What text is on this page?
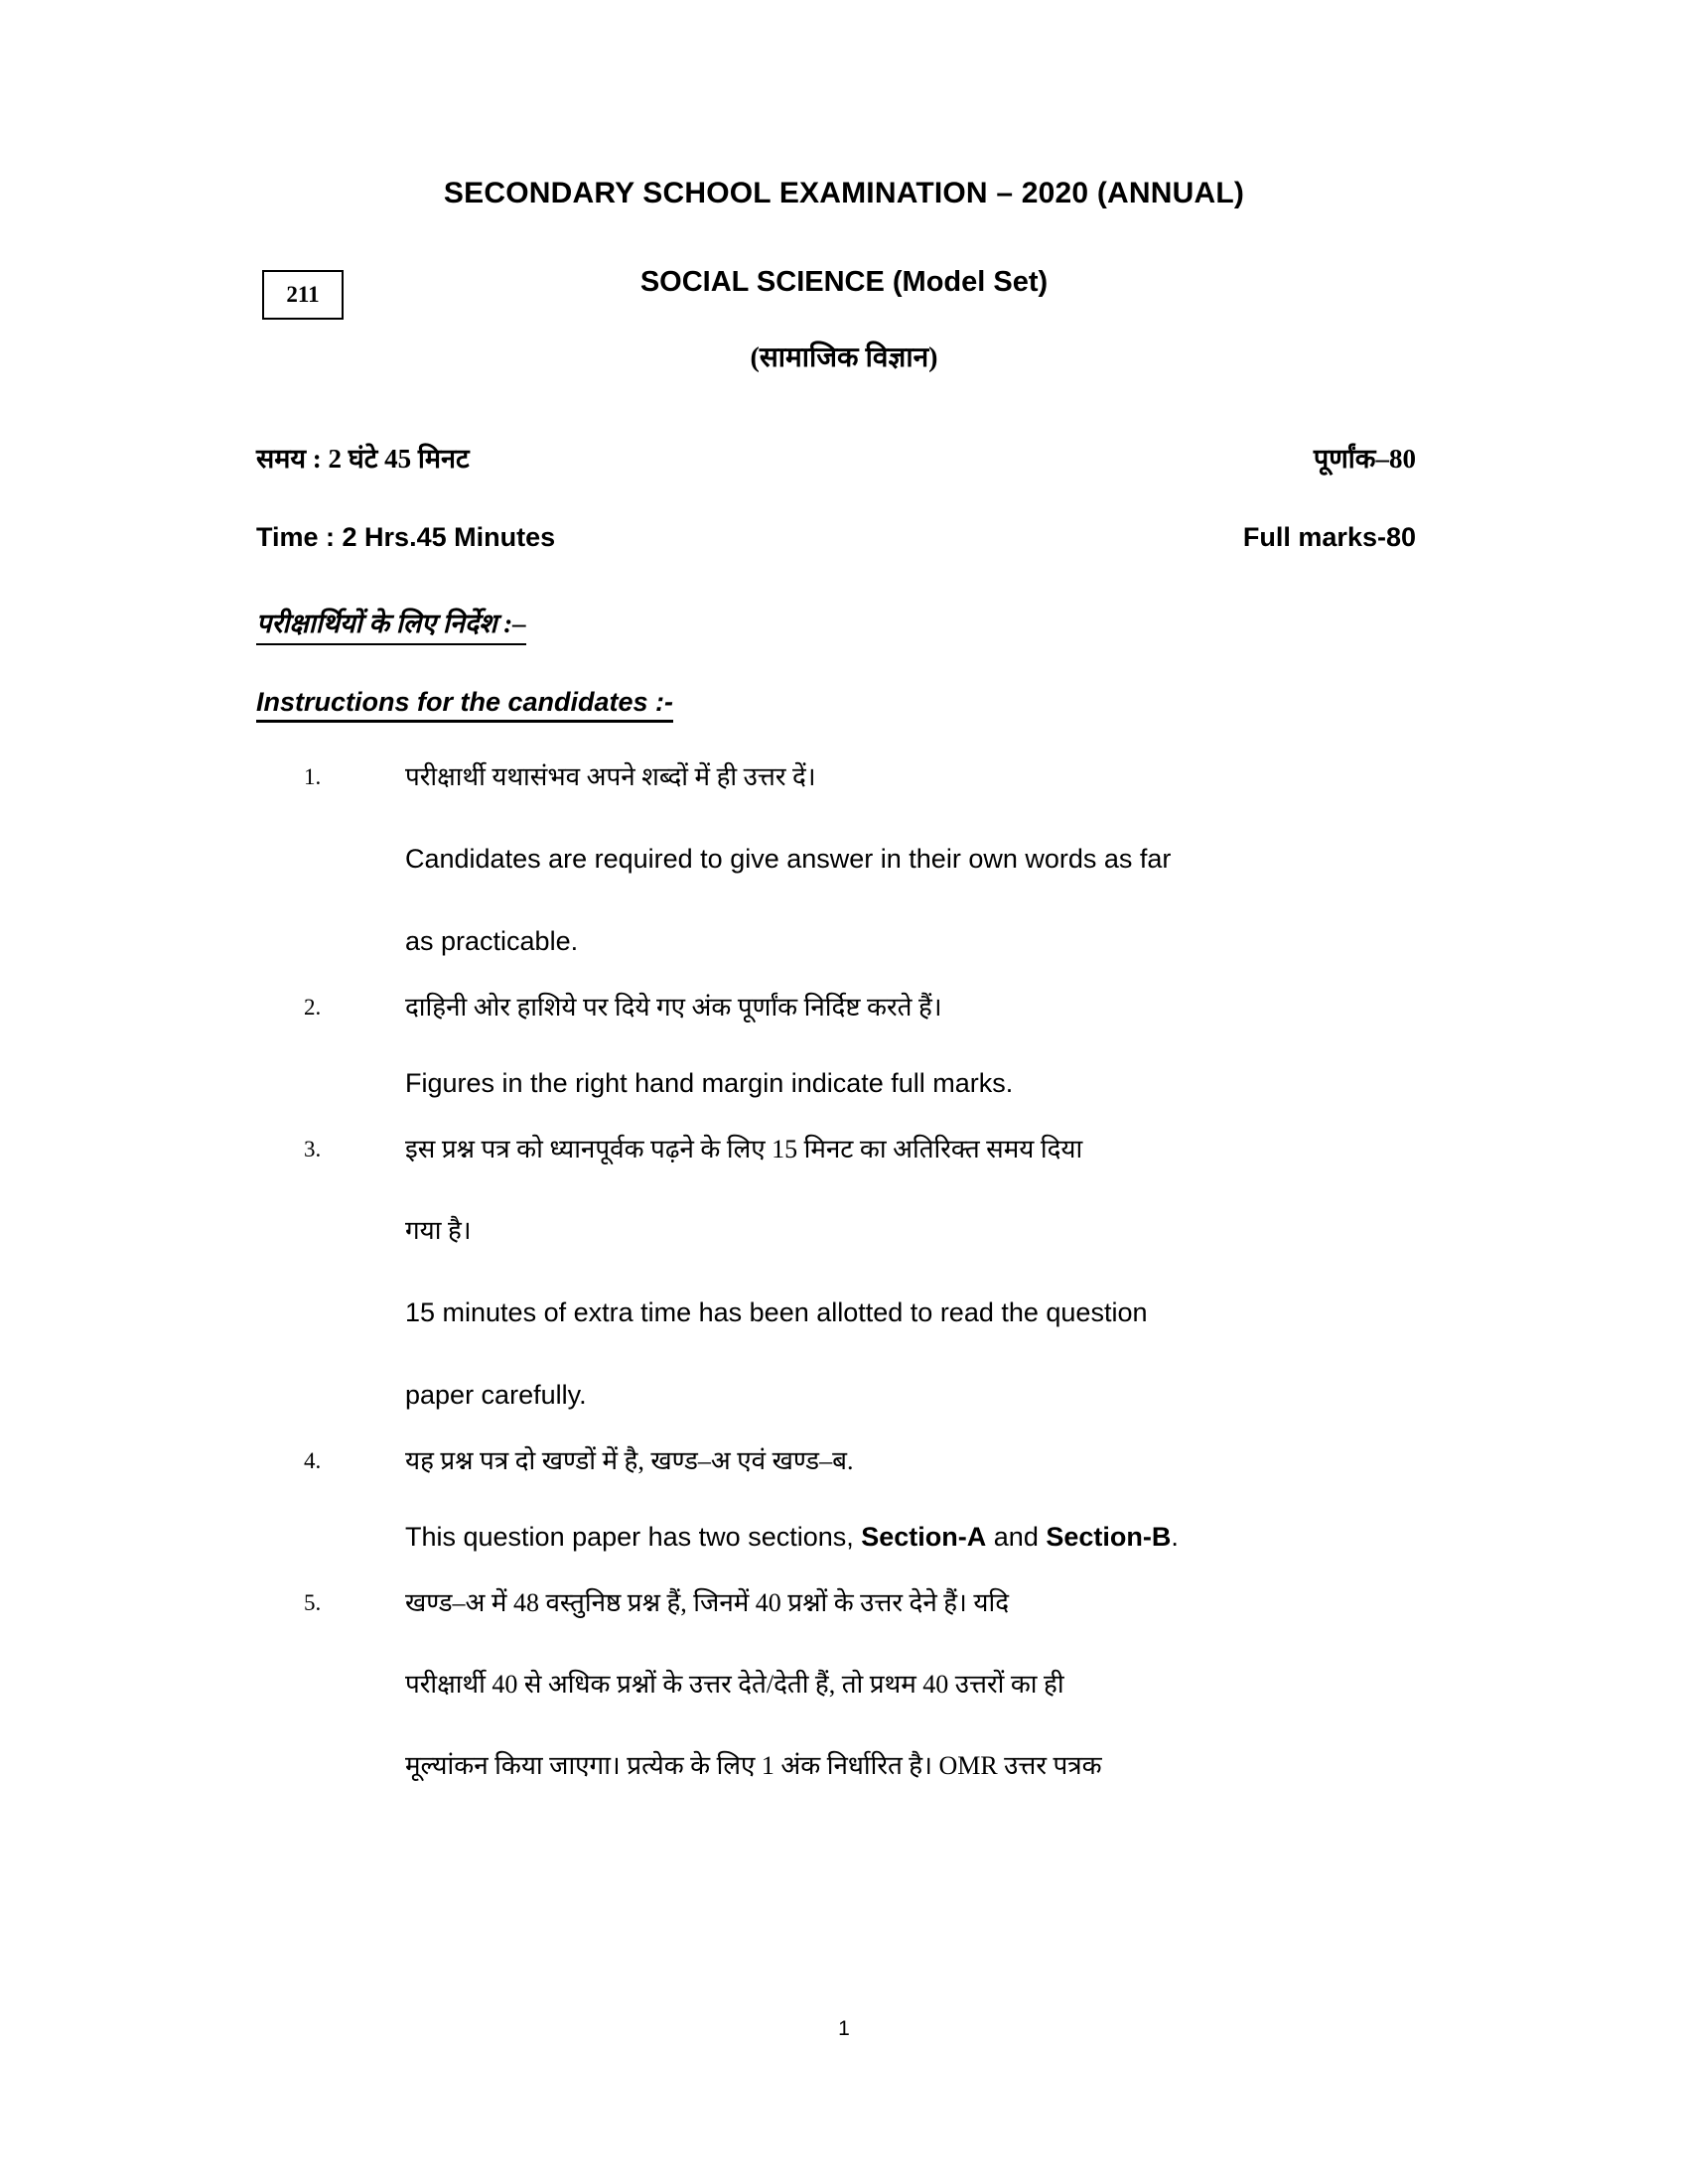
SECONDARY SCHOOL EXAMINATION – 2020 (ANNUAL)
211	SOCIAL SCIENCE (Model Set)
(सामाजिक विज्ञान)
समय : 2 घंटे 45 मिनट	पूर्णांक–80
Time : 2 Hrs.45 Minutes	Full marks-80
परीक्षार्थियों के लिए निर्देश :–
Instructions for the candidates :-
1.	परीक्षार्थी यथासंभव अपने शब्दों में ही उत्तर दें।
Candidates are required to give answer in their own words as far
as practicable.
2.	दाहिनी ओर हाशिये पर दिये गए अंक पूर्णांक निर्दिष्ट करते हैं।
Figures in the right hand margin indicate full marks.
3.	इस प्रश्न पत्र को ध्यानपूर्वक पढ़ने के लिए 15 मिनट का अतिरिक्त समय दिया
गया है।
15 minutes of extra time has been allotted to read the question
paper carefully.
4.	यह प्रश्न पत्र दो खण्डों में है, खण्ड–अ एवं खण्ड–ब.
This question paper has two sections, Section-A and Section-B.
5.	खण्ड–अ में 48 वस्तुनिष्ठ प्रश्न हैं, जिनमें 40 प्रश्नों के उत्तर देने हैं। यदि
परीक्षार्थी 40 से अधिक प्रश्नों के उत्तर देते/देती हैं, तो प्रथम 40 उत्तरों का ही
मूल्यांकन किया जाएगा। प्रत्येक के लिए 1 अंक निर्धारित है। OMR उत्तर पत्रक
1
